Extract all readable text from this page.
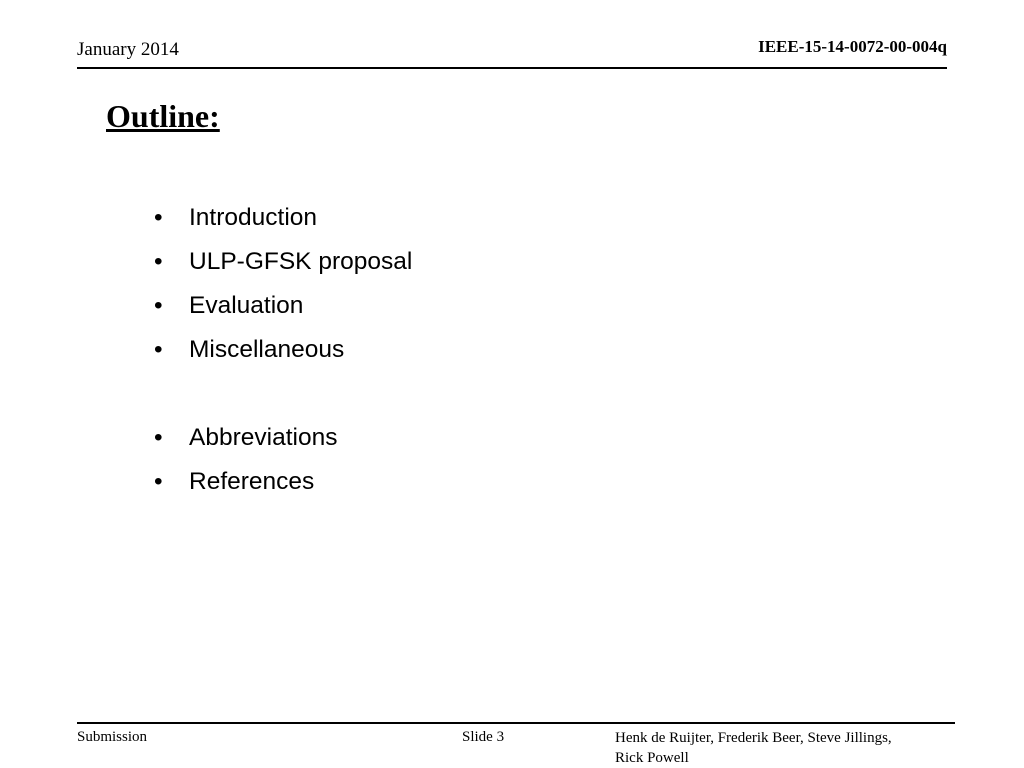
January 2014	IEEE-15-14-0072-00-004q
Outline:
• Introduction
• ULP-GFSK proposal
• Evaluation
• Miscellaneous
• Abbreviations
• References
Submission	Slide 3	Henk de Ruijter, Frederik Beer, Steve Jillings,
Rick Powell
